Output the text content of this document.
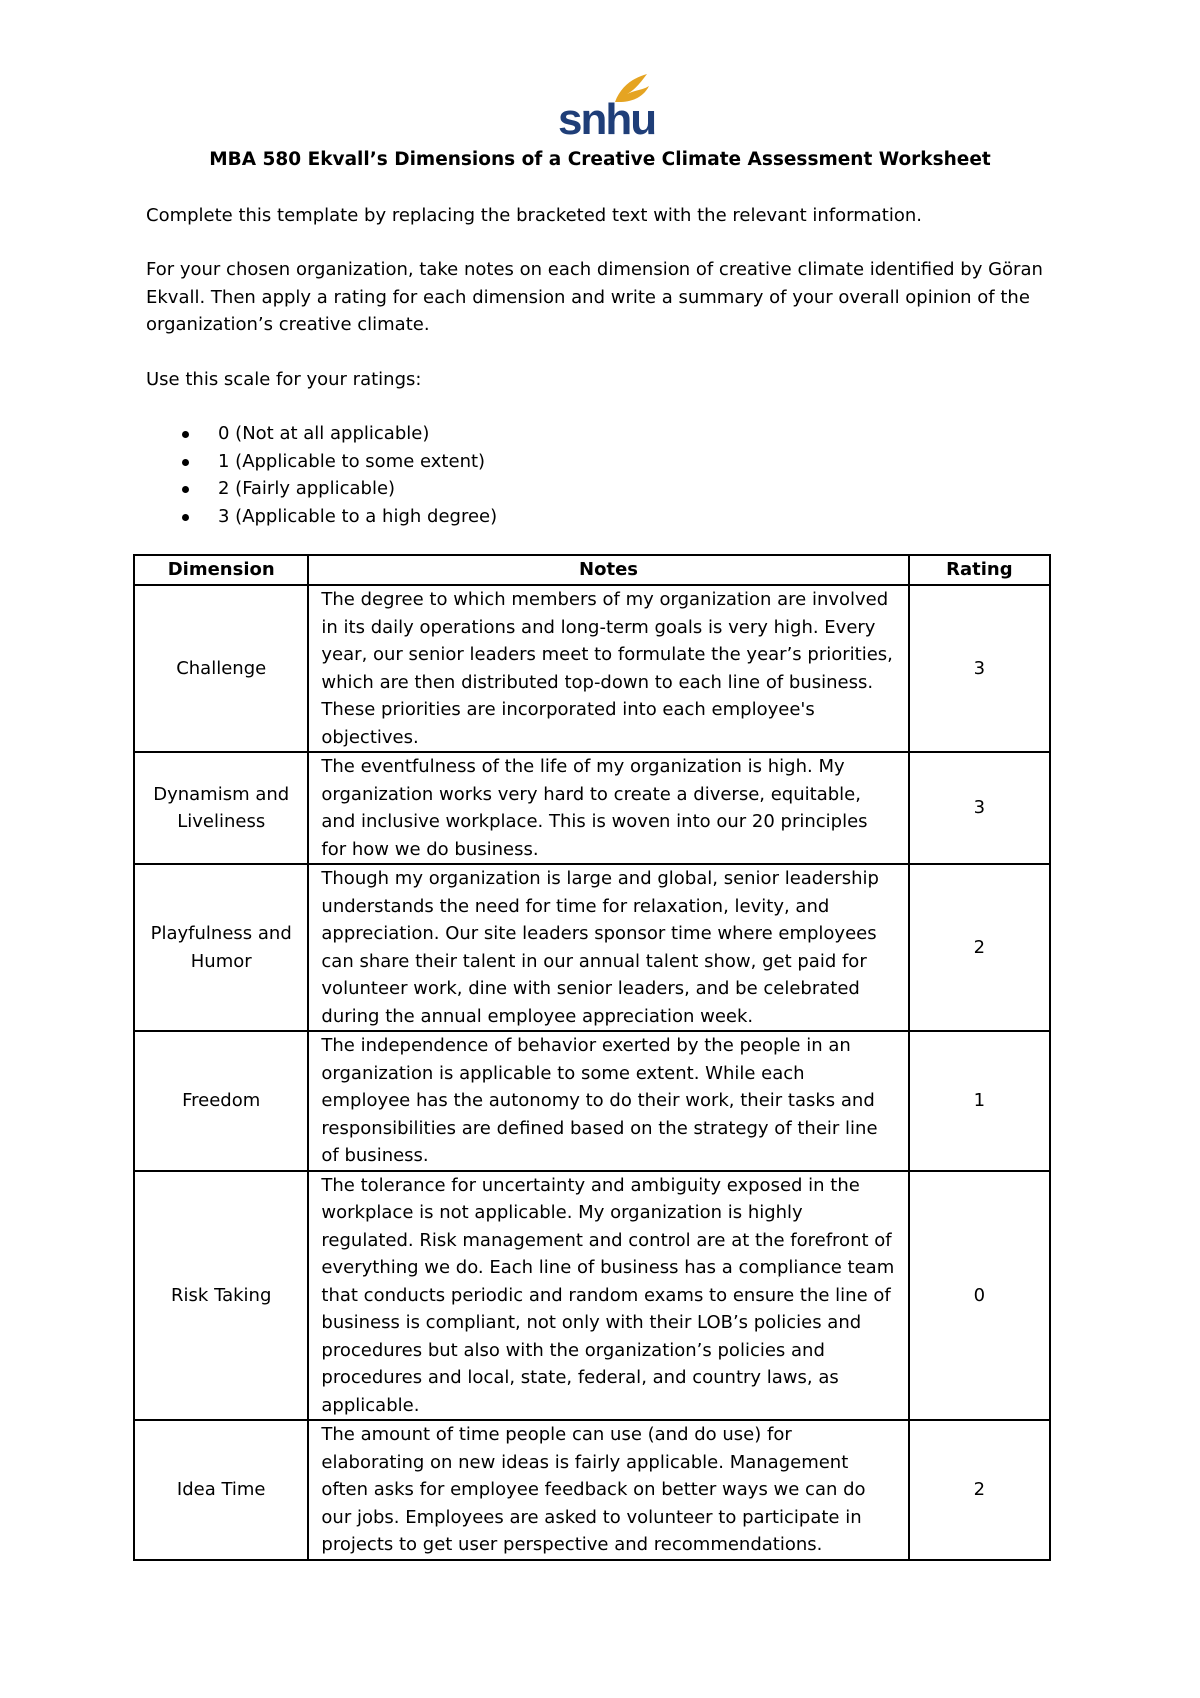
snhu
MBA 580 Ekvall’s Dimensions of a Creative Climate Assessment Worksheet
Complete this template by replacing the bracketed text with the relevant information.
For your chosen organization, take notes on each dimension of creative climate identified by Göran Ekvall. Then apply a rating for each dimension and write a summary of your overall opinion of the organization’s creative climate.
Use this scale for your ratings:
0 (Not at all applicable)
1 (Applicable to some extent)
2 (Fairly applicable)
3 (Applicable to a high degree)
Dimension	Notes	Rating
Challenge	The degree to which members of my organization are involved in its daily operations and long-term goals is very high. Every year, our senior leaders meet to formulate the year’s priorities, which are then distributed top-down to each line of business. These priorities are incorporated into each employee's objectives.	3
Dynamism and Liveliness	The eventfulness of the life of my organization is high. My organization works very hard to create a diverse, equitable, and inclusive workplace. This is woven into our 20 principles for how we do business.	3
Playfulness and Humor	Though my organization is large and global, senior leadership understands the need for time for relaxation, levity, and appreciation. Our site leaders sponsor time where employees can share their talent in our annual talent show, get paid for volunteer work, dine with senior leaders, and be celebrated during the annual employee appreciation week.	2
Freedom	The independence of behavior exerted by the people in an organization is applicable to some extent. While each employee has the autonomy to do their work, their tasks and responsibilities are defined based on the strategy of their line of business.	1
Risk Taking	The tolerance for uncertainty and ambiguity exposed in the workplace is not applicable. My organization is highly regulated. Risk management and control are at the forefront of everything we do. Each line of business has a compliance team that conducts periodic and random exams to ensure the line of business is compliant, not only with their LOB’s policies and procedures but also with the organization’s policies and procedures and local, state, federal, and country laws, as applicable.	0
Idea Time	The amount of time people can use (and do use) for elaborating on new ideas is fairly applicable. Management often asks for employee feedback on better ways we can do our jobs. Employees are asked to volunteer to participate in projects to get user perspective and recommendations.	2
